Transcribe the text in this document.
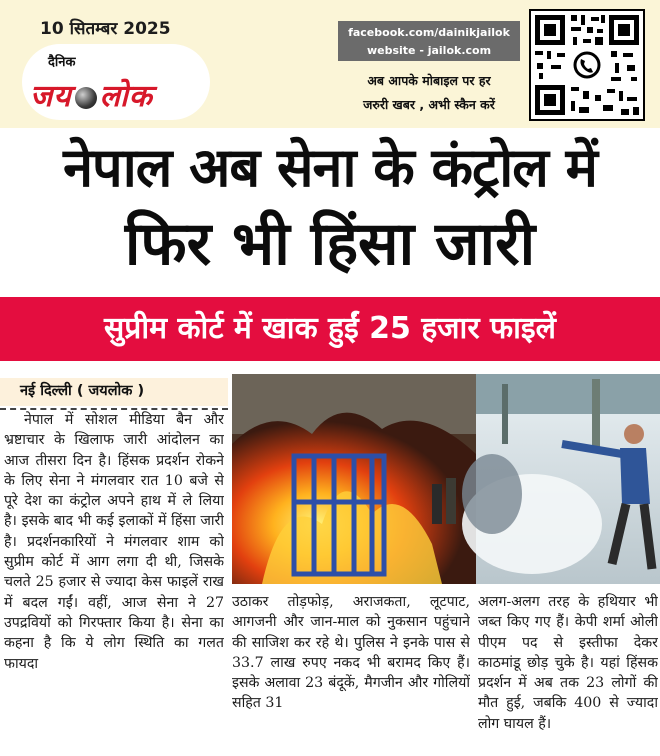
10 सितम्बर 2025
दैनिक
जय लोक
facebook.com/dainikjailok
website - jailok.com
अब आपके मोबाइल पर हर
जरुरी खबर , अभी स्कैन करें
नेपाल अब सेना के कंट्रोल में
फिर भी हिंसा जारी
सुप्रीम कोर्ट में खाक हुईं 25 हजार फाइलें
नई दिल्ली ( जयलोक )

नेपाल में सोशल मीडिया बैन और भ्रष्टाचार के खिलाफ जारी आंदोलन का आज तीसरा दिन है। हिंसक प्रदर्शन रोकने के लिए सेना ने मंगलवार रात 10 बजे से पूरे देश का कंट्रोल अपने हाथ में ले लिया है। इसके बाद भी कई इलाकों में हिंसा जारी है। प्रदर्शनकारियों ने मंगलवार शाम को सुप्रीम कोर्ट में आग लगा दी थी, जिसके चलते 25 हजार से ज्यादा केस फाइलें राख में बदल गईं। वहीं, आज सेना ने 27 उपद्रवियों को गिरफ्तार किया है। सेना का कहना है कि ये लोग स्थिति का गलत फायदा

उठाकर तोड़फोड़, अराजकता, लूटपाट, आगजनी और जान-माल को नुकसान पहुंचाने की साजिश कर रहे थे। पुलिस ने इनके पास से 33.7 लाख रुपए नकद भी बरामद किए हैं। इसके अलावा 23 बंदूकें, मैगजीन और गोलियों सहित 31

अलग-अलग तरह के हथियार भी जब्त किए गए हैं। केपी शर्मा ओली पीएम पद से इस्तीफा देकर काठमांडू छोड़ चुके है। यहां हिंसक प्रदर्शन में अब तक 23 लोगों की मौत हुई, जबकि 400 से ज्यादा लोग घायल हैं।
